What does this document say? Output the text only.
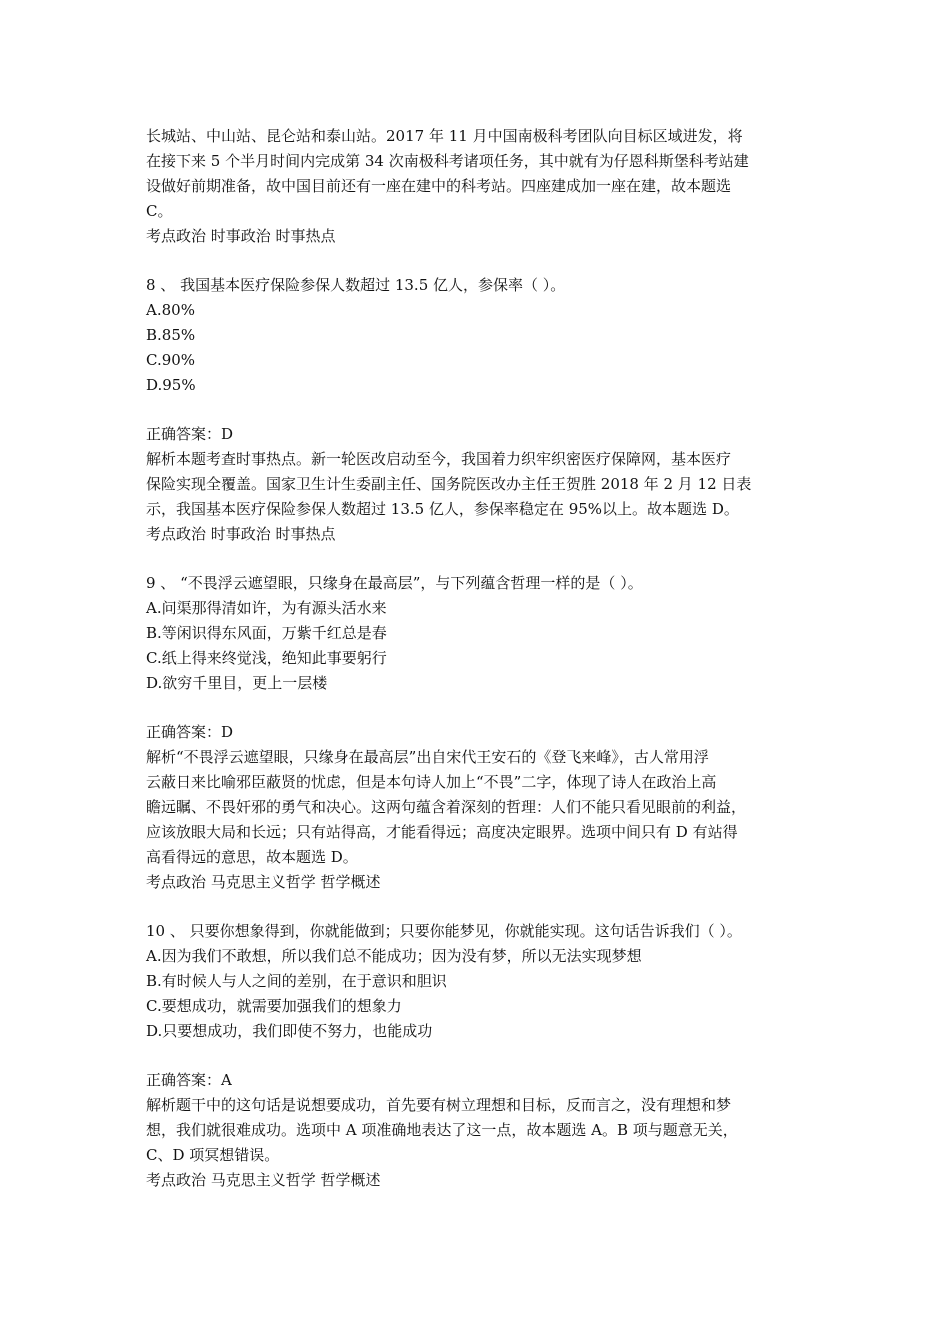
长城站、中山站、昆仑站和泰山站。2017 年 11 月中国南极科考团队向目标区域进发，将
在接下来 5 个半月时间内完成第 34 次南极科考诸项任务，其中就有为仔恩科斯堡科考站建
设做好前期准备，故中国目前还有一座在建中的科考站。四座建成加一座在建，故本题选
C。
考点政治 时事政治 时事热点
8 、 我国基本医疗保险参保人数超过 13.5 亿人，参保率（ ）。
A.80%
B.85%
C.90%
D.95%
正确答案：D
解析本题考查时事热点。新一轮医改启动至今，我国着力织牢织密医疗保障网，基本医疗
保险实现全覆盖。国家卫生计生委副主任、国务院医改办主任王贺胜 2018 年 2 月 12 日表
示，我国基本医疗保险参保人数超过 13.5 亿人，参保率稳定在 95%以上。故本题选 D。
考点政治 时事政治 时事热点
9 、 “不畏浮云遮望眼，只缘身在最高层”，与下列蕴含哲理一样的是（ ）。
A.问渠那得清如许，为有源头活水来
B.等闲识得东风面，万紫千红总是春
C.纸上得来终觉浅，绝知此事要躬行
D.欲穷千里目，更上一层楼
正确答案：D
解析“不畏浮云遮望眼，只缘身在最高层”出自宋代王安石的《登飞来峰》，古人常用浮
云蔽日来比喻邪臣蔽贤的忧虑，但是本句诗人加上“不畏”二字，体现了诗人在政治上高
瞻远瞩、不畏奸邪的勇气和决心。这两句蕴含着深刻的哲理：人们不能只看见眼前的利益，
应该放眼大局和长远；只有站得高，才能看得远；高度决定眼界。选项中间只有 D 有站得
高看得远的意思，故本题选 D。
考点政治 马克思主义哲学 哲学概述
10 、 只要你想象得到，你就能做到；只要你能梦见，你就能实现。这句话告诉我们（ ）。
A.因为我们不敢想，所以我们总不能成功；因为没有梦，所以无法实现梦想
B.有时候人与人之间的差别，在于意识和胆识
C.要想成功，就需要加强我们的想象力
D.只要想成功，我们即使不努力，也能成功
正确答案：A
解析题干中的这句话是说想要成功，首先要有树立理想和目标，反而言之，没有理想和梦
想，我们就很难成功。选项中 A 项准确地表达了这一点，故本题选 A。B 项与题意无关，
C、D 项冥想错误。
考点政治 马克思主义哲学 哲学概述
